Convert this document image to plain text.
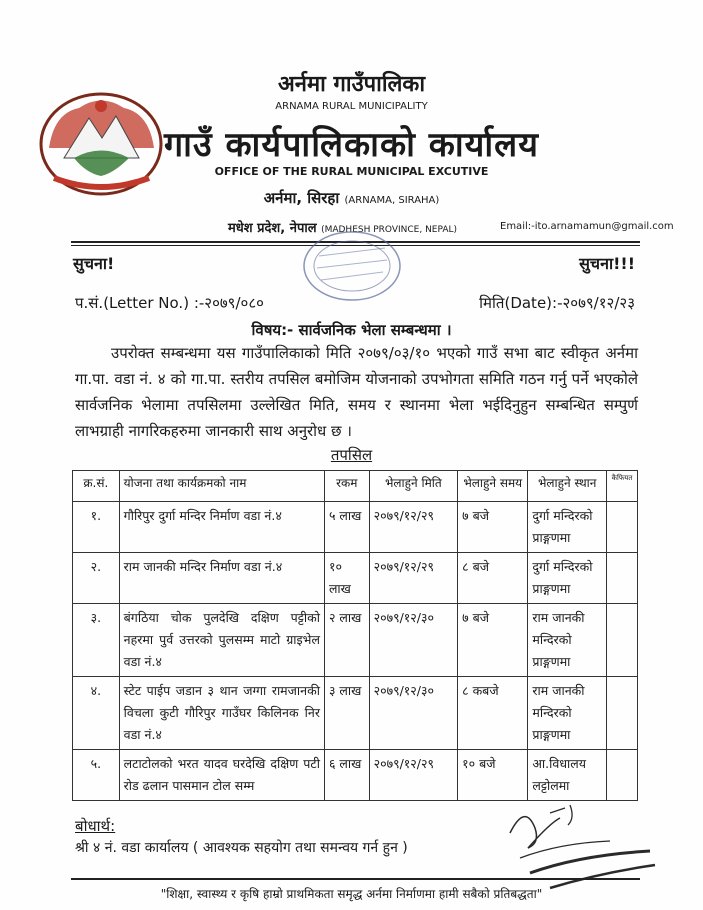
अर्नमा गाउँपालिका
ARNAMA RURAL MUNICIPALITY
गाउँ कार्यपालिकाको कार्यालय
OFFICE OF THE RURAL MUNICIPAL EXCUTIVE
अर्नमा, सिरहा (ARNAMA, SIRAHA)
मधेश प्रदेश, नेपाल (MADHESH PROVINCE, NEPAL)	Email:-ito.arnamamun@gmail.com
सुचना!	सुचना!!!
प.सं.(Letter No.) :-२०७९/०८०	मिति(Date):-२०७९/१२/२३
विषय:- सार्वजनिक भेला सम्बन्धमा ।
उपरोक्त सम्बन्धमा यस गाउँपालिकाको मिति २०७९/०३/१० भएको गाउँ सभा बाट स्वीकृत अर्नमा गा.पा. वडा नं. ४ को गा.पा. स्तरीय तपसिल बमोजिम योजनाको उपभोगता समिति गठन गर्नु पर्ने भएकोले सार्वजनिक भेलामा तपसिलमा उल्लेखित मिति, समय र स्थानमा भेला भईदिनुहुन सम्बन्धित सम्पुर्ण लाभग्राही नागरिकहरुमा जानकारी साथ अनुरोध छ ।
तपसिल
क्र.सं.	योजना तथा कार्यक्रमको नाम	रकम	भेलाहुने मिति	भेलाहुने समय	भेलाहुने स्थान	कैफियत
१.	गौरिपुर दुर्गा मन्दिर निर्माण वडा नं.४	५ लाख	२०७९/१२/२९	७ बजे	दुर्गा मन्दिरको प्राङ्गणमा	
२.	राम जानकी मन्दिर निर्माण वडा नं.४	१० लाख	२०७९/१२/२९	८ बजे	दुर्गा मन्दिरको प्राङ्गणमा	
३.	बंगठिया चोक पुलदेखि दक्षिण पट्टीको नहरमा पुर्व उत्तरको पुलसम्म माटो ग्राइभेल वडा नं.४	२ लाख	२०७९/१२/३०	७ बजे	राम जानकी मन्दिरको प्राङ्गणमा	
४.	स्टेट पाईप जडान ३ थान जग्गा रामजानकी विचला कुटी गौरिपुर गाउँघर किलिनक निर वडा नं.४	३ लाख	२०७९/१२/३०	८ कबजे	राम जानकी मन्दिरको प्राङ्गणमा	
५.	लटाटोलको भरत यादव घरदेखि दक्षिण पटी रोड ढलान पासमान टोल सम्म	६ लाख	२०७९/१२/२९	१० बजे	आ.विधालय लट्टोलमा	
बोधार्थ:
श्री ४ नं. वडा कार्यालय ( आवश्यक सहयोग तथा समन्वय गर्न हुन )
"शिक्षा, स्वास्थ्य र कृषि हाम्रो प्राथमिकता समृद्ध अर्नमा निर्माणमा हामी सबैको प्रतिबद्धता"
